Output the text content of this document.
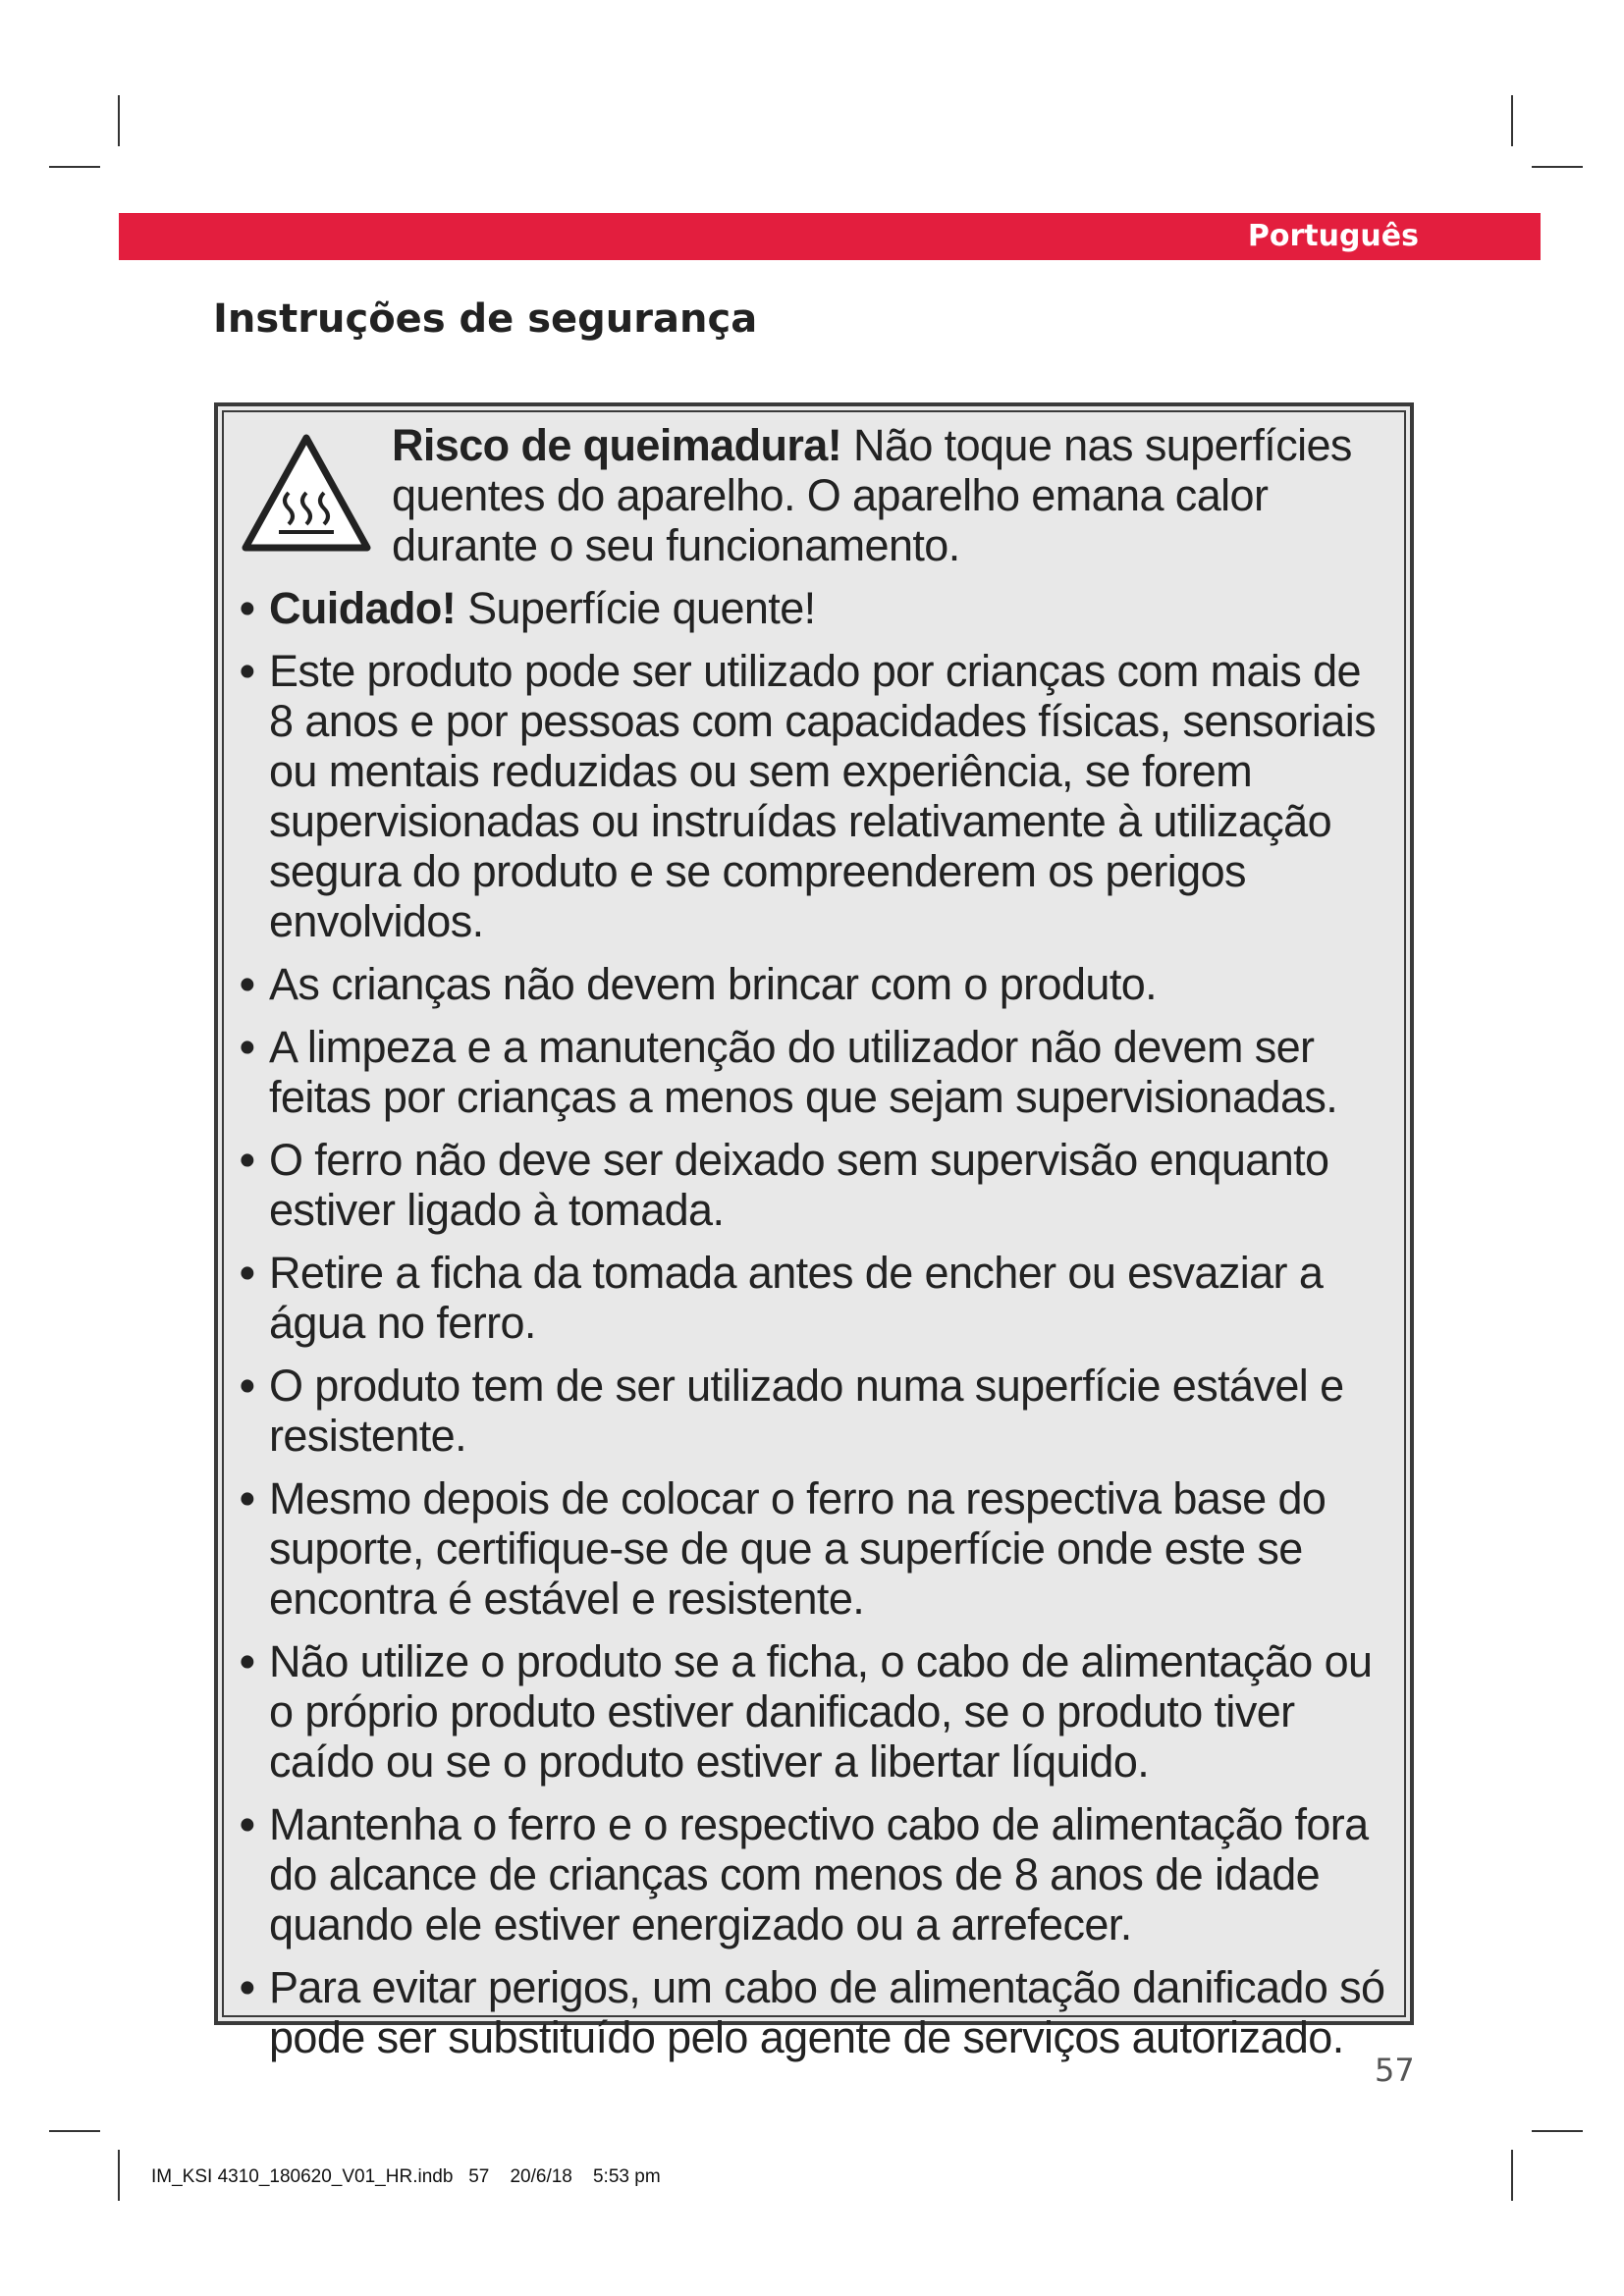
Português
Instruções de segurança
Risco de queimadura! Não toque nas superfícies quentes do aparelho. O aparelho emana calor durante o seu funcionamento.
• Cuidado! Superfície quente!
• Este produto pode ser utilizado por crianças com mais de 8 anos e por pessoas com capacidades físicas, sensoriais ou mentais reduzidas ou sem experiência, se forem supervisionadas ou instruídas relativamente à utilização segura do produto e se compreenderem os perigos envolvidos.
• As crianças não devem brincar com o produto.
• A limpeza e a manutenção do utilizador não devem ser feitas por crianças a menos que sejam supervisionadas.
• O ferro não deve ser deixado sem supervisão enquanto estiver ligado à tomada.
• Retire a ficha da tomada antes de encher ou esvaziar a água no ferro.
• O produto tem de ser utilizado numa superfície estável e resistente.
• Mesmo depois de colocar o ferro na respectiva base do suporte, certifique-se de que a superfície onde este se encontra é estável e resistente.
• Não utilize o produto se a ficha, o cabo de alimentação ou o próprio produto estiver danificado, se o produto tiver caído ou se o produto estiver a libertar líquido.
• Mantenha o ferro e o respectivo cabo de alimentação fora do alcance de crianças com menos de 8 anos de idade quando ele estiver energizado ou a arrefecer.
• Para evitar perigos, um cabo de alimentação danificado só pode ser substituído pelo agente de serviços autorizado.
57
IM_KSI 4310_180620_V01_HR.indb   57    20/6/18    5:53 pm
